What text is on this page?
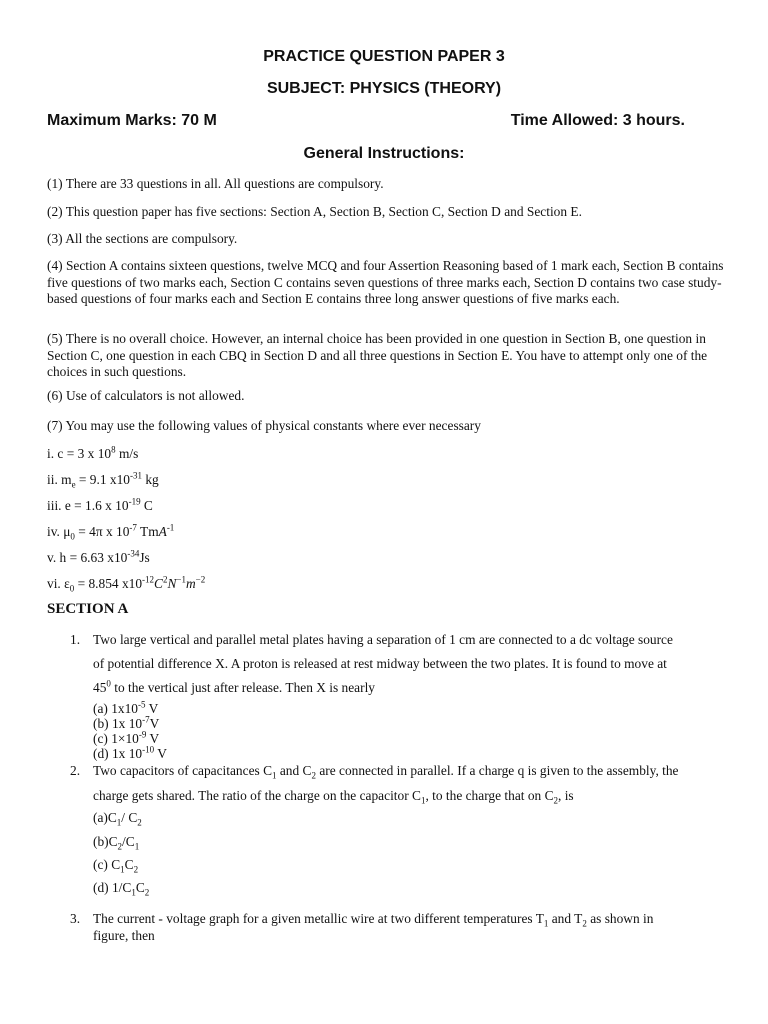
PRACTICE QUESTION PAPER 3
SUBJECT: PHYSICS (THEORY)
Maximum Marks: 70 M	Time Allowed: 3 hours.
General Instructions:
(1) There are 33 questions in all. All questions are compulsory.
(2) This question paper has five sections: Section A, Section B, Section C, Section D and Section E.
(3) All the sections are compulsory.
(4) Section A contains sixteen questions, twelve MCQ and four Assertion Reasoning based of 1 mark each, Section B contains five questions of two marks each, Section C contains seven questions of three marks each, Section D contains two case study-based questions of four marks each and Section E contains three long answer questions of five marks each.
(5) There is no overall choice. However, an internal choice has been provided in one question in Section B, one question in Section C, one question in each CBQ in Section D and all three questions in Section E. You have to attempt only one of the choices in such questions.
(6) Use of calculators is not allowed.
(7) You may use the following values of physical constants where ever necessary
i. c = 3 x $10^8$ m/s
ii. $m_e = 9.1$ $x10^{-31}$ kg
iii. e = 1.6 x $10^{-19}$ C
iv. $\mu_0 = 4\pi$ x $10^{-7}$ TmA$^{-1}$
v. h = 6.63 $x10^{-34}Js$
vi. $\varepsilon_0 = 8.854$ $x10^{-12}C^2N^{-1}m^{-2}$
SECTION A
1. Two large vertical and parallel metal plates having a separation of 1 cm are connected to a dc voltage source
of potential difference X. A proton is released at rest midway between the two plates. It is found to move at
$45^0$ to the vertical just after release. Then X is nearly
(a) $1x10^{-5}$ V
(b) 1x $10^{-7}V$
(c) $1\times 10^{-9}$ V
(d) 1x $10^{-10}$ V
2. Two capacitors of capacitances $C_1$ and $C_2$ are connected in parallel. If a charge q is given to the assembly, the
charge gets shared. The ratio of the charge on the capacitor $C_1$, to the charge that on $C_2$, is
$(a)C_1/$ $C_2$
$(b)C_2/C_1$
(c) $C_1C_2$
(d) $1/C_1C_2$
3. The current - voltage graph for a given metallic wire at two different temperatures $T_1$ and $T_2$ as shown in
figure, then
